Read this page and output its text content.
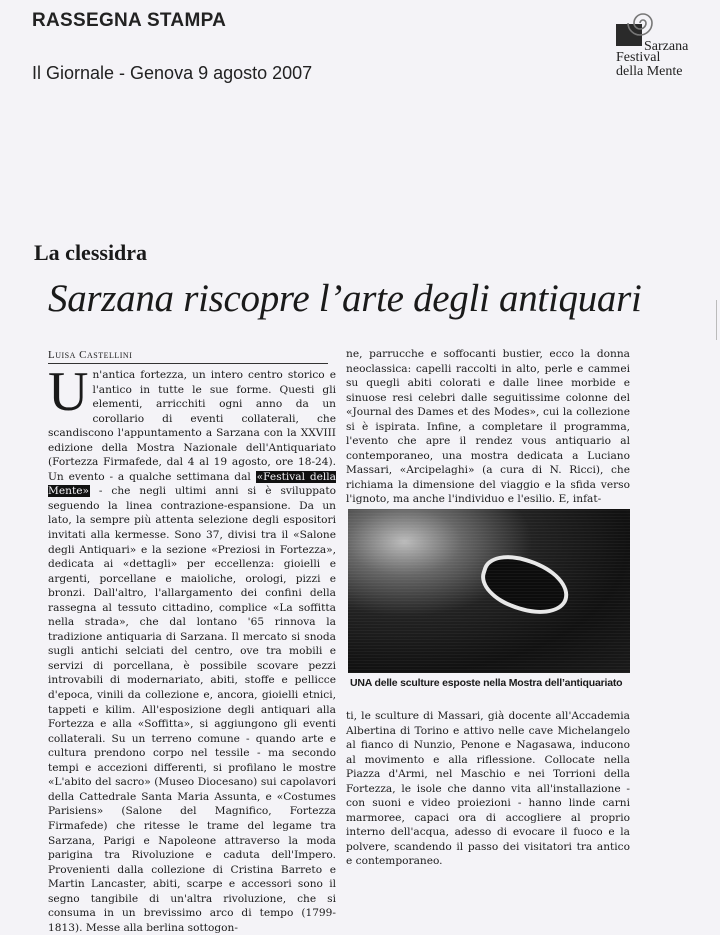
RASSEGNA STAMPA
Il Giornale - Genova 9 agosto 2007
Sarzana
Festival
della Mente
La clessidra
Sarzana riscopre l’arte degli antiquari
Luisa Castellini

Un'antica fortezza, un intero centro storico e l'antico in tutte le sue forme. Questi gli elementi, arricchiti ogni anno da un corollario di eventi collaterali, che scandiscono l'appuntamento a Sarzana con la XXVIII edizione della Mostra Nazionale dell'Antiquariato (Fortezza Firmafede, dal 4 al 19 agosto, ore 18-24). Un evento - a qualche settimana dal «Festival della Mente» - che negli ultimi anni si è sviluppato seguendo la linea contrazione-espansione. Da un lato, la sempre più attenta selezione degli espositori invitati alla kermesse. Sono 37, divisi tra il «Salone degli Antiquari» e la sezione «Preziosi in Fortezza», dedicata ai «dettagli» per eccellenza: gioielli e argenti, porcellane e maioliche, orologi, pizzi e bronzi. Dall'altro, l'allargamento dei confini della rassegna al tessuto cittadino, complice «La soffitta nella strada», che dal lontano '65 rinnova la tradizione antiquaria di Sarzana. Il mercato si snoda sugli antichi selciati del centro, ove tra mobili e servizi di porcellana, è possibile scovare pezzi introvabili di modernariato, abiti, stoffe e pellicce d'epoca, vinili da collezione e, ancora, gioielli etnici, tappeti e kilim. All'esposizione degli antiquari alla Fortezza e alla «Soffitta», si aggiungono gli eventi collaterali. Su un terreno comune - quando arte e cultura prendono corpo nel tessile - ma secondo tempi e accezioni differenti, si profilano le mostre «L'abito del sacro» (Museo Diocesano) sui capolavori della Cattedrale Santa Maria Assunta, e «Costumes Parisiens» (Salone del Magnifico, Fortezza Firmafede) che ritesse le trame del legame tra Sarzana, Parigi e Napoleone attraverso la moda parigina tra Rivoluzione e caduta dell'Impero. Provenienti dalla collezione di Cristina Barreto e Martin Lancaster, abiti, scarpe e accessori sono il segno tangibile di un'altra rivoluzione, che si consuma in un brevissimo arco di tempo (1799-1813). Messe alla berlina sottogon-

ne, parrucche e soffocanti bustier, ecco la donna neoclassica: capelli raccolti in alto, perle e cammei su quegli abiti colorati e dalle linee morbide e sinuose resi celebri dalle seguitissime colonne del «Journal des Dames et des Modes», cui la collezione si è ispirata. Infine, a completare il programma, l'evento che apre il rendez vous antiquario al contemporaneo, una mostra dedicata a Luciano Massari, «Arcipelaghi» (a cura di N. Ricci), che richiama la dimensione del viaggio e la sfida verso l'ignoto, ma anche l'individuo e l'esilio. E, infat-

UNA delle sculture esposte nella Mostra dell’antiquariato

ti, le sculture di Massari, già docente all'Accademia Albertina di Torino e attivo nelle cave Michelangelo al fianco di Nunzio, Penone e Nagasawa, inducono al movimento e alla riflessione. Collocate nella Piazza d'Armi, nel Maschio e nei Torrioni della Fortezza, le isole che danno vita all'installazione - con suoni e video proiezioni - hanno linde carni marmoree, capaci ora di accogliere al proprio interno dell'acqua, adesso di evocare il fuoco e la polvere, scandendo il passo dei visitatori tra antico e contemporaneo.
